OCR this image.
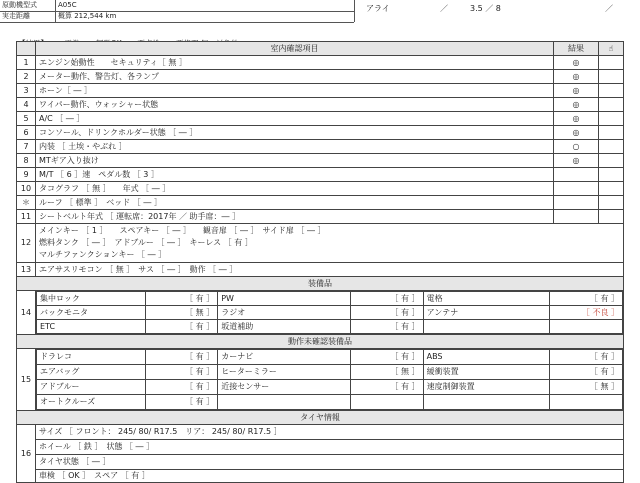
原動機型式	A05C
実走距離	概算 212,544 km
アライ	／	3.5 ／ 8	／
	室内確認項目	結果	☝
1	エンジン始動性　　セキュリティ［ 無 ］	◎	
2	メーター動作、警告灯、各ランプ	◎	
3	ホーン［ ― ］	◎	
4	ワイパー動作、ウォッシャー状態	◎	
5	A/C ［ ― ］	◎	
6	コンソール、ドリンクホルダー状態 ［ ― ］	◎	
7	内装 ［ 土埃・やぶれ ］	○	
8	MTギア入り抜け	◎	
9	M/T ［ 6 ］速　ペダル数 ［ 3 ］		
10	タコグラフ ［ 無 ］　　年式 ［ ― ］		
＊	ルーフ ［ 標準 ］　ベッド ［ ― ］		
11	シートベルト年式 ［ 運転席：2017年 ／ 助手席：― ］		
12	
メインキー ［ 1 ］　　スペアキー ［ ― ］　　観音扉 ［ ― ］　サイド扉 ［ ― ］
燃料タンク ［ ― ］　アドブルー ［ ― ］　キーレス ［ 有 ］
マルチファンクションキー ［ ― ］

13	エアサスリモコン ［ 無 ］　サス ［ ― ］　動作 ［ ― ］
装備品
14	
集中ロック	［ 有 ］	PW	［ 有 ］	電格	［ 有 ］
バックモニタ	［ 無 ］	ラジオ	［ 有 ］	アンテナ	［ 不良 ］
ETC	［ 有 ］	坂道補助	［ 有 ］		

動作未確認装備品
15	
ドラレコ	［ 有 ］	カーナビ	［ 有 ］	ABS	［ 有 ］
エアバッグ	［ 有 ］	ヒーターミラー	［ 無 ］	緩衝装置	［ 有 ］
アドブルー	［ 有 ］	近接センサー	［ 有 ］	速度制御装置	［ 無 ］
オートクルーズ	［ 有 ］				

タイヤ情報
16	
サイズ ［ フロント： 245/ 80/ R17.5　リア： 245/ 80/ R17.5 ］
ホイール ［ 鉄 ］　状態 ［ ― ］
タイヤ状態 ［ ― ］
車検 ［ OK ］　スペア ［ 有 ］
